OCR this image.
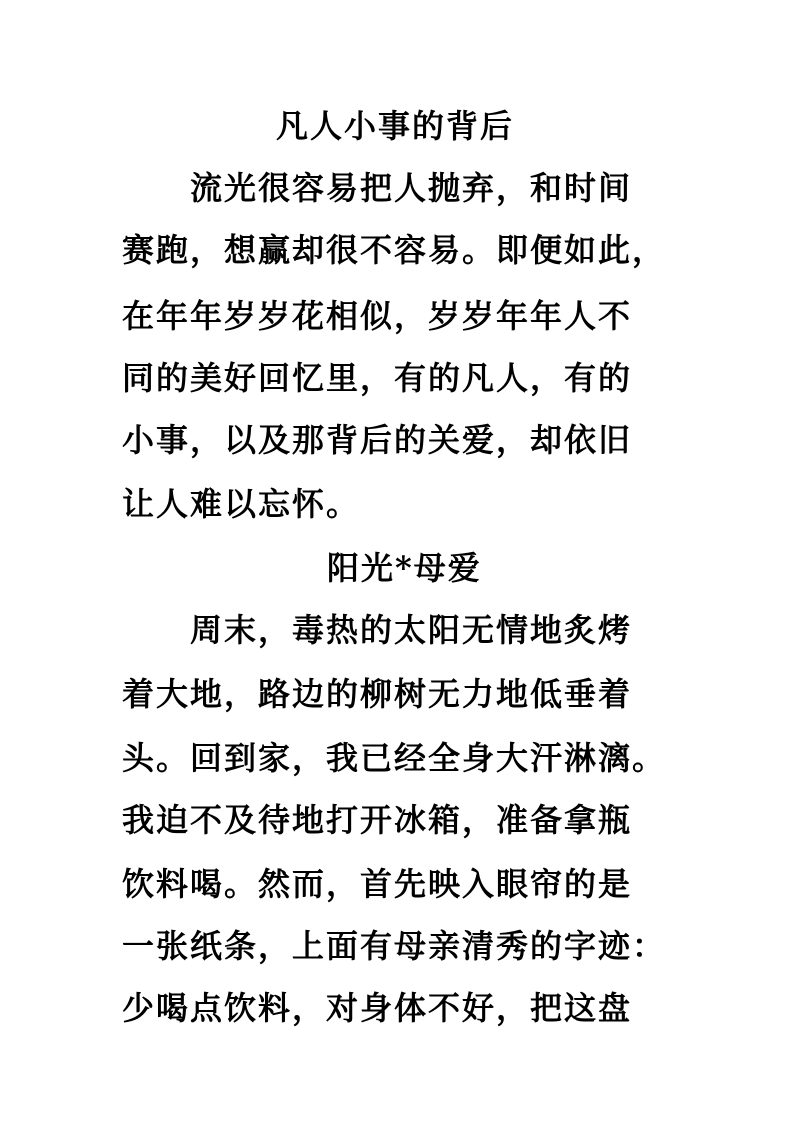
凡人小事的背后
流光很容易把人抛弃，和时间
赛跑，想赢却很不容易。即便如此，
在年年岁岁花相似，岁岁年年人不
同的美好回忆里，有的凡人，有的
小事，以及那背后的关爱，却依旧
让人难以忘怀。
阳光*母爱
周末，毒热的太阳无情地炙烤
着大地，路边的柳树无力地低垂着
头。回到家，我已经全身大汗淋漓。
我迫不及待地打开冰箱，准备拿瓶
饮料喝。然而，首先映入眼帘的是
一张纸条，上面有母亲清秀的字迹：
少喝点饮料，对身体不好，把这盘
